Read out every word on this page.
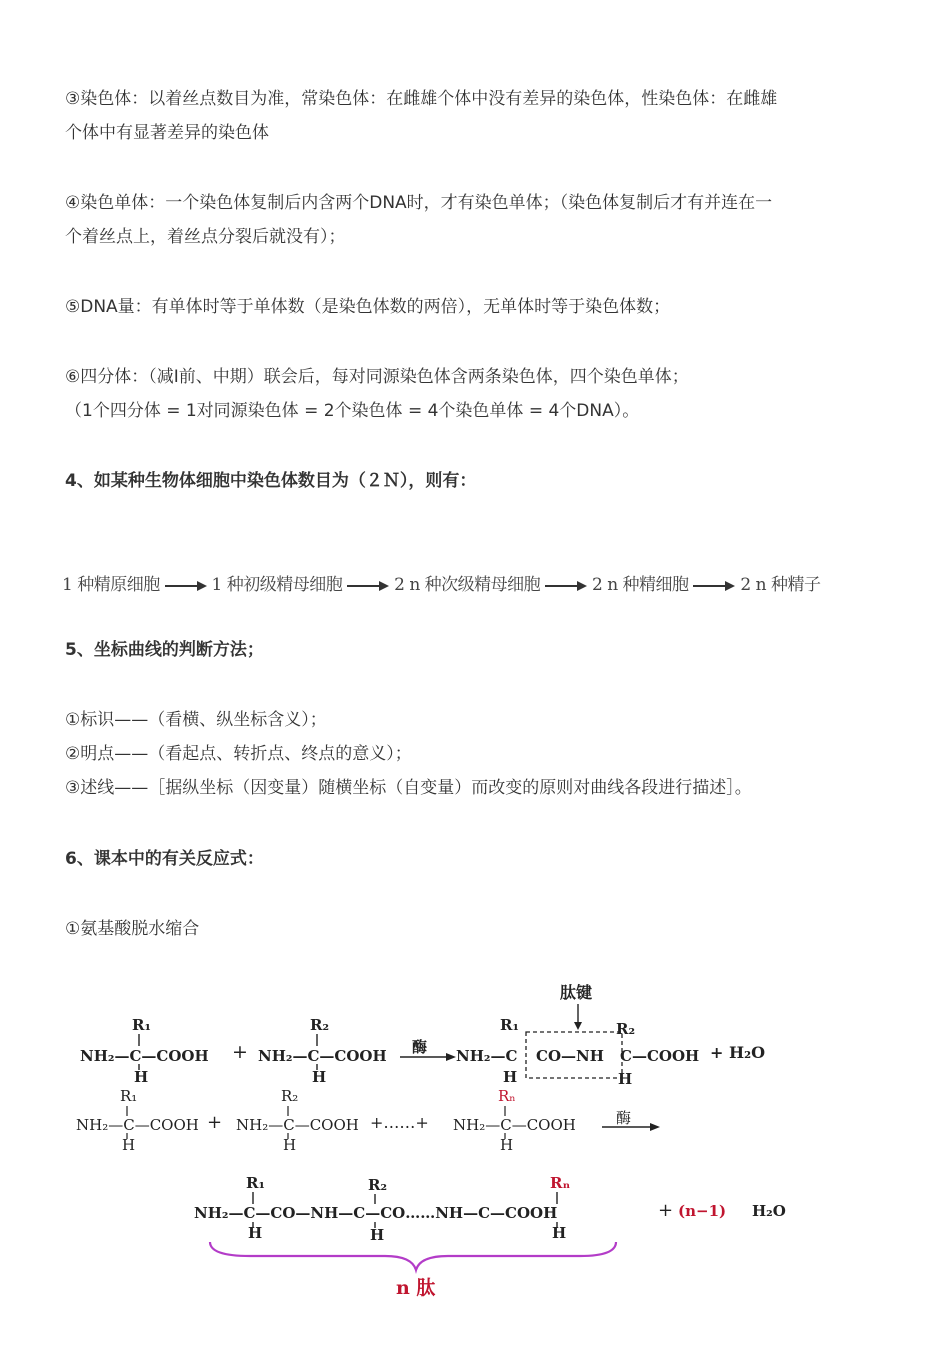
③染色体：以着丝点数目为准，常染色体：在雌雄个体中没有差异的染色体，性染色体：在雌雄
个体中有显著差异的染色体
④染色单体：一个染色体复制后内含两个DNA时，才有染色单体；（染色体复制后才有并连在一
个着丝点上，着丝点分裂后就没有）；
⑤DNA量：有单体时等于单体数（是染色体数的两倍），无单体时等于染色体数；
⑥四分体：（减I前、中期）联会后，每对同源染色体含两条染色体，四个染色单体；
（1个四分体 = 1对同源染色体 = 2个染色体 = 4个染色单体 = 4个DNA）。
4、如某种生物体细胞中染色体数目为（２Ｎ），则有：
1 种精原细胞	1 种初级精母细胞	2 n 种次级精母细胞	2 n 种精细胞	2 n 种精子
5、坐标曲线的判断方法；
①标识——（看横、纵坐标含义）；
②明点——（看起点、转折点、终点的意义）；
③述线——［据纵坐标（因变量）随横坐标（自变量）而改变的原则对曲线各段进行描述］。
6、课本中的有关反应式：
①氨基酸脱水缩合
R₁
NH₂—C—COOH
H
+
R₂
NH₂—C—COOH
H
酶
肽键
R₁	R₂
NH₂—C CO—NH C—COOH
H	H
+ H₂O
R₁
NH₂—C—COOH
H
+
R₂
NH₂—C—COOH
H
+……+
Rₙ
NH₂—C—COOH
H
酶
R₁	R₂	Rₙ
NH₂—C—CO—NH—C—CO……NH—C—COOH
H	H	H
+ (n−1) H₂O
n 肽
